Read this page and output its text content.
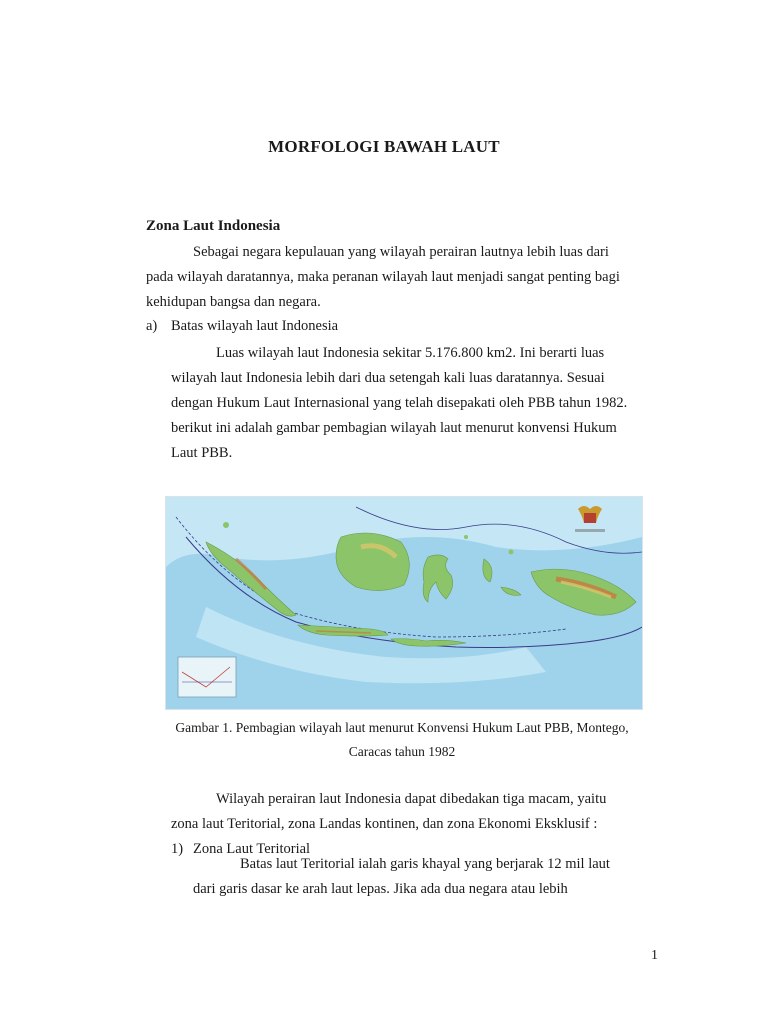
MORFOLOGI BAWAH LAUT
Zona Laut Indonesia
Sebagai negara kepulauan yang wilayah perairan lautnya lebih luas dari
pada wilayah daratannya, maka peranan wilayah laut menjadi sangat penting bagi
kehidupan bangsa dan negara.
a) Batas wilayah laut Indonesia
Luas wilayah laut Indonesia sekitar 5.176.800 km2. Ini berarti luas
wilayah laut Indonesia lebih dari dua setengah kali luas daratannya. Sesuai
dengan Hukum Laut Internasional yang telah disepakati oleh PBB tahun 1982.
berikut ini adalah gambar pembagian wilayah laut menurut konvensi Hukum
Laut PBB.
Gambar 1. Pembagian wilayah laut menurut Konvensi Hukum Laut PBB, Montego,
Caracas tahun 1982
Wilayah perairan laut Indonesia dapat dibedakan tiga macam, yaitu
zona laut Teritorial, zona Landas kontinen, dan zona Ekonomi Eksklusif :
1) Zona Laut Teritorial
Batas laut Teritorial ialah garis khayal yang berjarak 12 mil laut
dari garis dasar ke arah laut lepas. Jika ada dua negara atau lebih
1
